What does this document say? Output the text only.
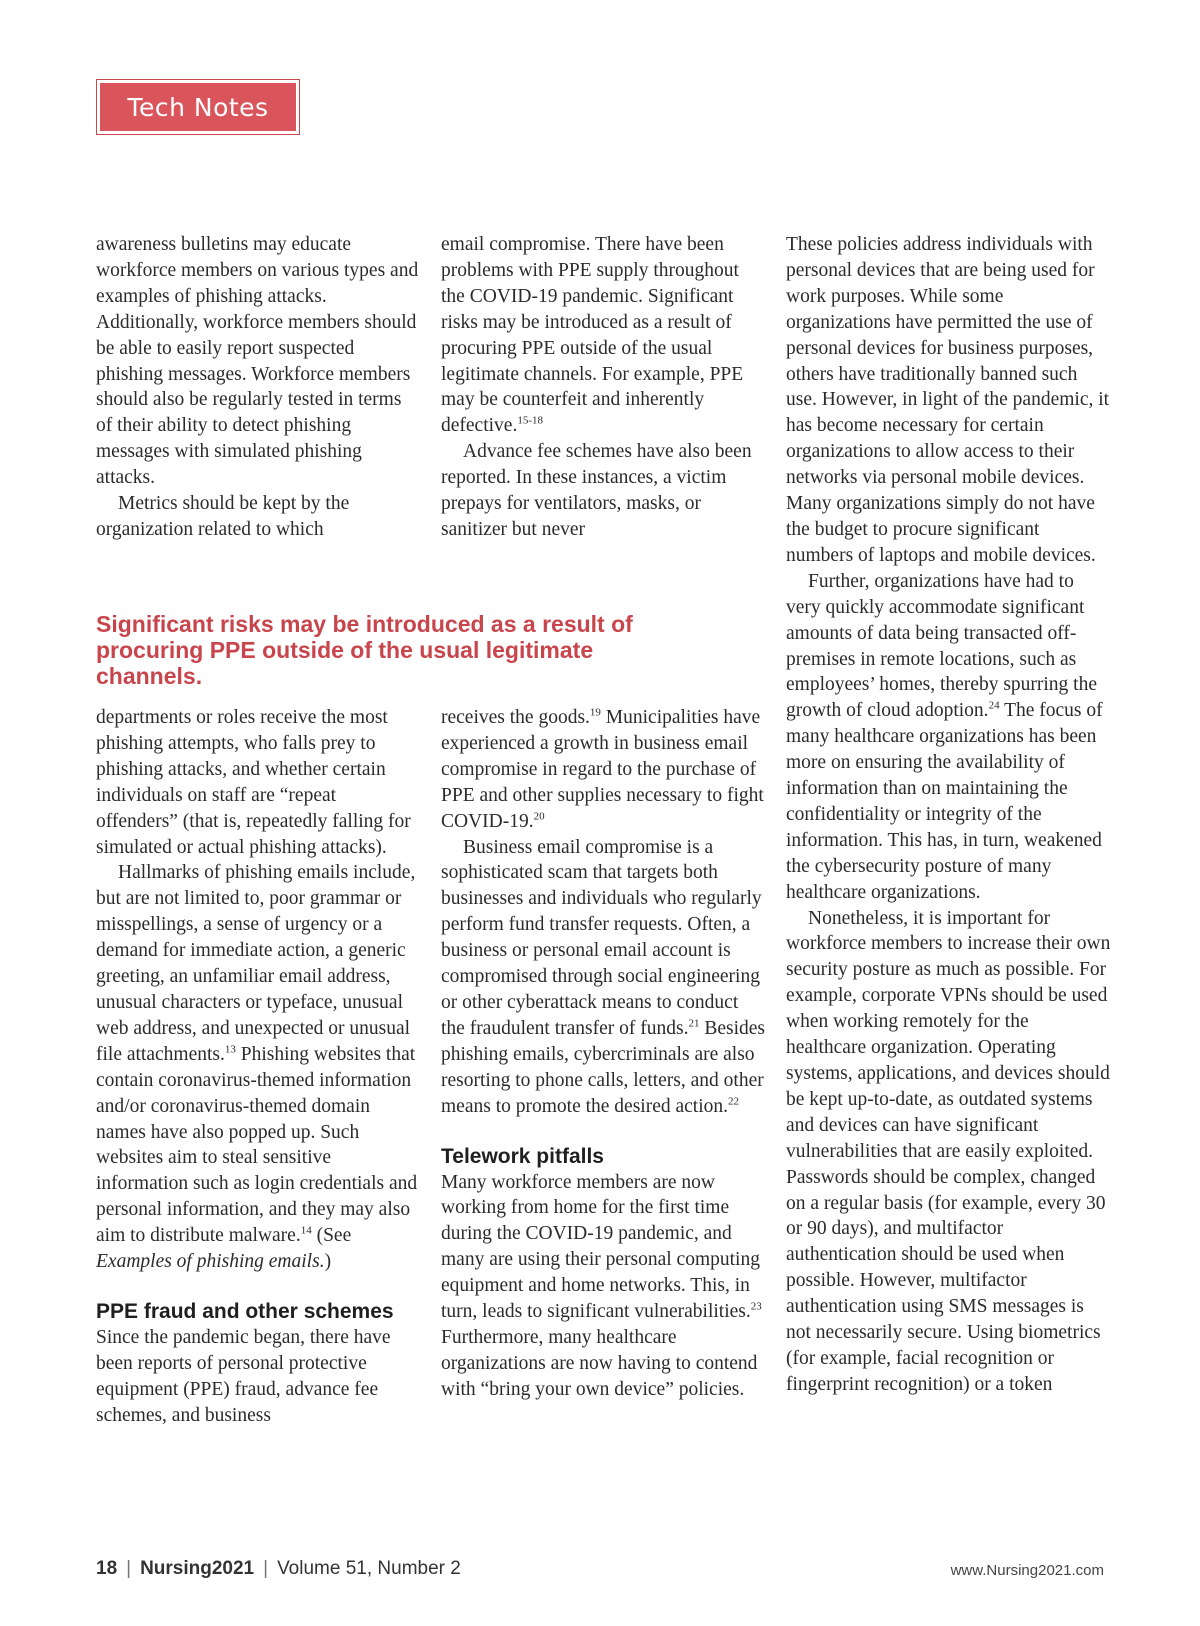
Tech Notes

awareness bulletins may educate workforce members on various types and examples of phishing attacks. Additionally, workforce members should be able to easily report suspected phishing messages. Workforce members should also be regularly tested in terms of their ability to detect phishing messages with simulated phishing attacks.

Metrics should be kept by the organization related to which

email compromise. There have been problems with PPE supply throughout the COVID-19 pandemic. Significant risks may be introduced as a result of procuring PPE outside of the usual legitimate channels. For example, PPE may be counterfeit and inherently defective.$^{15-18}$

Advance fee schemes have also been reported. In these instances, a victim prepays for ventilators, masks, or sanitizer but never

Significant risks may be introduced as a result of procuring PPE outside of the usual legitimate channels.

departments or roles receive the most phishing attempts, who falls prey to phishing attacks, and whether certain individuals on staff are “repeat offenders” (that is, repeatedly falling for simulated or actual phishing attacks).

Hallmarks of phishing emails include, but are not limited to, poor grammar or misspellings, a sense of urgency or a demand for immediate action, a generic greeting, an unfamiliar email address, unusual characters or typeface, unusual web address, and unexpected or unusual file attachments.$^{13}$ Phishing websites that contain coronavirus-themed information and/or coronavirus-themed domain names have also popped up. Such websites aim to steal sensitive information such as login credentials and personal information, and they may also aim to distribute malware.$^{14}$ (See Examples of phishing emails.)

PPE fraud and other schemes

Since the pandemic began, there have been reports of personal protective equipment (PPE) fraud, advance fee schemes, and business

receives the goods.$^{19}$ Municipalities have experienced a growth in business email compromise in regard to the purchase of PPE and other supplies necessary to fight COVID-19.20

Business email compromise is a sophisticated scam that targets both businesses and individuals who regularly perform fund transfer requests. Often, a business or personal email account is compromised through social engineering or other cyberattack means to conduct the fraudulent transfer of funds.$^{21}$ Besides phishing emails, cybercriminals are also resorting to phone calls, letters, and other means to promote the desired action.$^{22}$

Telework pitfalls

Many workforce members are now working from home for the first time during the COVID-19 pandemic, and many are using their personal computing equipment and home networks. This, in turn, leads to significant vulnerabilities.$^{23}$ Furthermore, many healthcare organizations are now having to contend with “bring your own device” policies.

These policies address individuals with personal devices that are being used for work purposes. While some organizations have permitted the use of personal devices for business purposes, others have traditionally banned such use. However, in light of the pandemic, it has become necessary for certain organizations to allow access to their networks via personal mobile devices. Many organizations simply do not have the budget to procure significant numbers of laptops and mobile devices.

Further, organizations have had to very quickly accommodate significant amounts of data being transacted off-premises in remote locations, such as employees’ homes, thereby spurring the growth of cloud adoption.$^{24}$ The focus of many healthcare organizations has been more on ensuring the availability of information than on maintaining the confidentiality or integrity of the information. This has, in turn, weakened the cybersecurity posture of many healthcare organizations.

Nonetheless, it is important for workforce members to increase their own security posture as much as possible. For example, corporate VPNs should be used when working remotely for the healthcare organization. Operating systems, applications, and devices should be kept up-to-date, as outdated systems and devices can have significant vulnerabilities that are easily exploited. Passwords should be complex, changed on a regular basis (for example, every 30 or 90 days), and multifactor authentication should be used when possible. However, multifactor authentication using SMS messages is not necessarily secure. Using biometrics (for example, facial recognition or fingerprint recognition) or a token

18 | Nursing2021 | Volume 51, Number 2	www.Nursing2021.com
